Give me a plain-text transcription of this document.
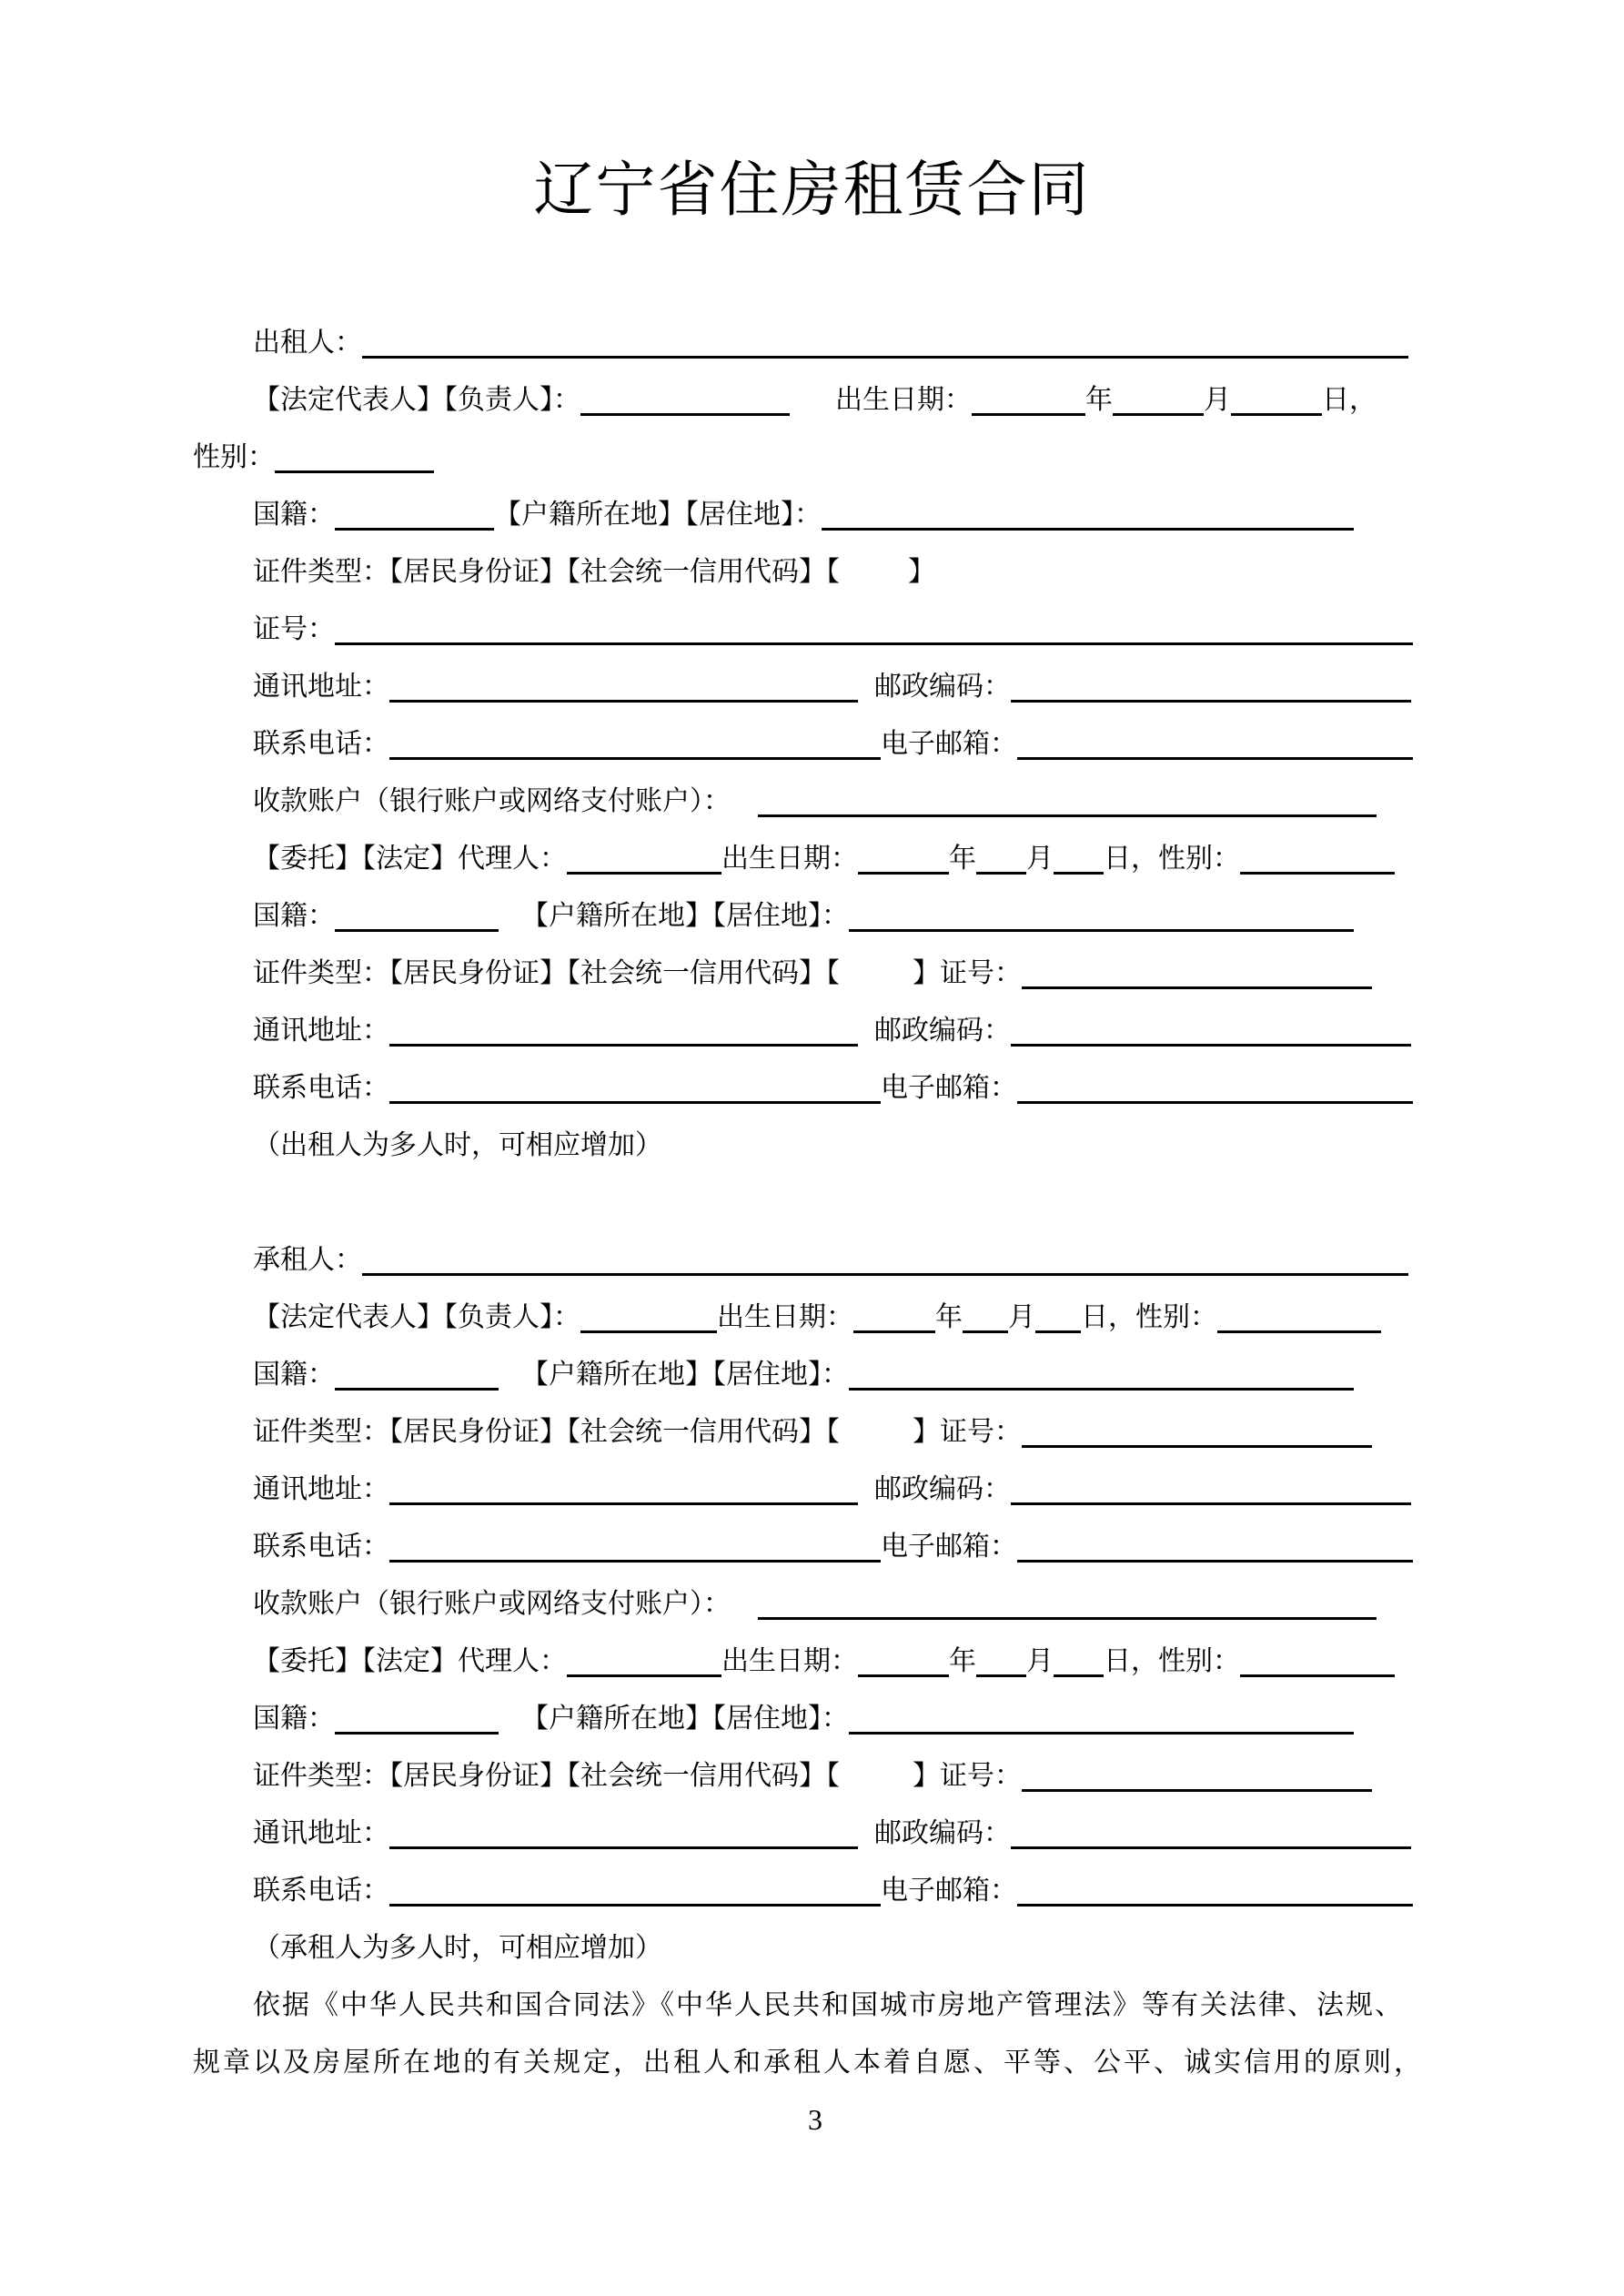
辽宁省住房租赁合同
出租人：
【法定代表人】【负责人】：	出生日期：	年	月	日，
性别：
国籍：	【户籍所在地】【居住地】：
证件类型：【居民身份证】【社会统一信用代码】【	】
证号：
通讯地址：	邮政编码：
联系电话：	电子邮箱：
收款账户（银行账户或网络支付账户）：
【委托】【法定】代理人：	出生日期：	年 月 日，性别：
国籍：	【户籍所在地】【居住地】：
证件类型：【居民身份证】【社会统一信用代码】【	】证号：
通讯地址：	邮政编码：
联系电话：	电子邮箱：
（出租人为多人时，可相应增加）
承租人：
【法定代表人】【负责人】：	出生日期：	年 月 日，性别：
国籍：	【户籍所在地】【居住地】：
证件类型：【居民身份证】【社会统一信用代码】【	】证号：
通讯地址：	邮政编码：
联系电话：	电子邮箱：
收款账户（银行账户或网络支付账户）：
【委托】【法定】代理人：	出生日期：	年 月 日，性别：
国籍：	【户籍所在地】【居住地】：
证件类型：【居民身份证】【社会统一信用代码】【	】证号：
通讯地址：	邮政编码：
联系电话：	电子邮箱：
（承租人为多人时，可相应增加）
依据《中华人民共和国合同法》《中华人民共和国城市房地产管理法》等有关法律、法规、
规章以及房屋所在地的有关规定，出租人和承租人本着自愿、平等、公平、诚实信用的原则，
3
